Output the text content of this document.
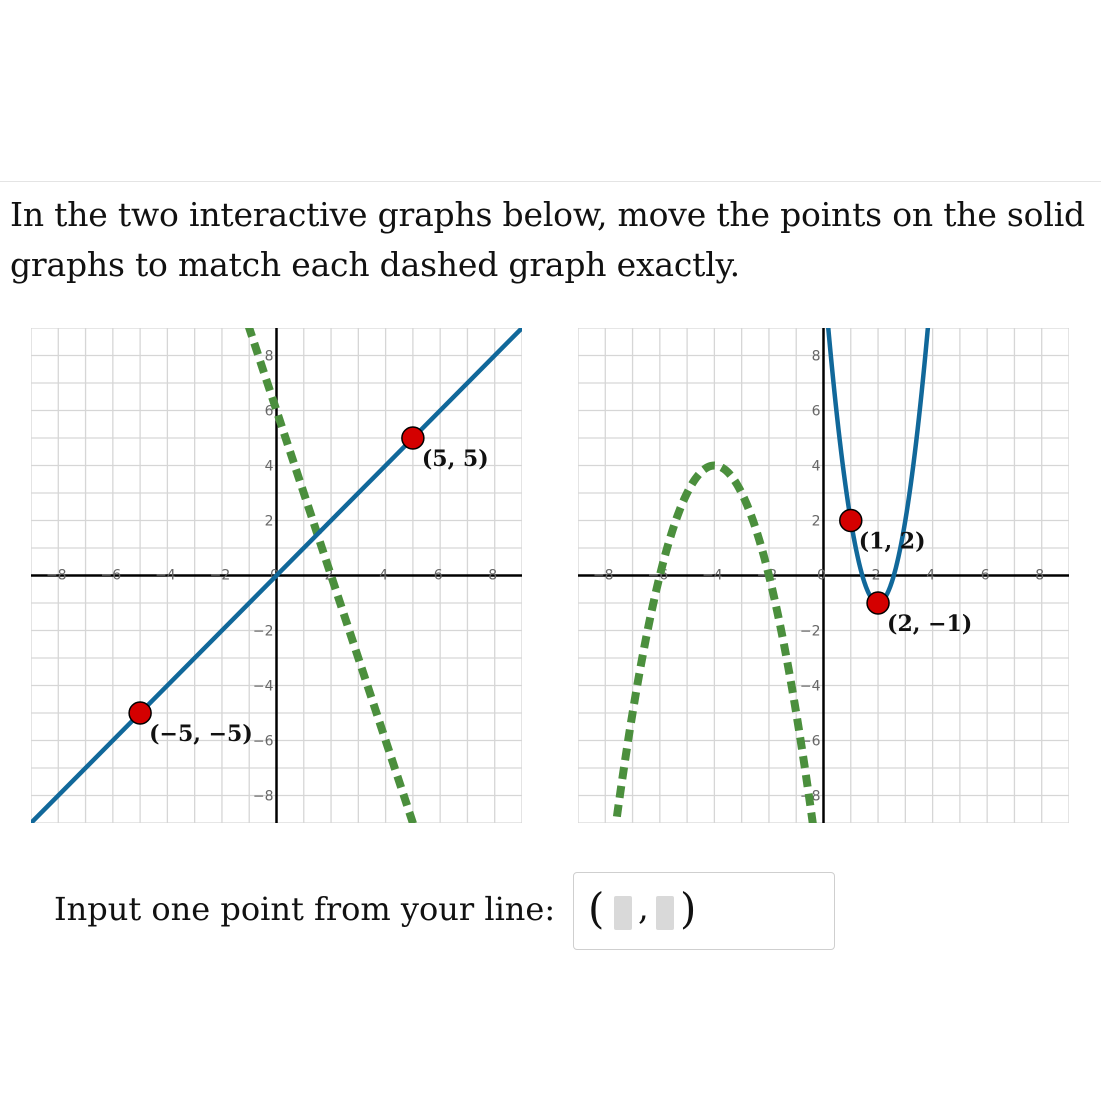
In the two interactive graphs below, move the points on the solid graphs to match each dashed graph exactly.
−8 −6 −4 −2	0	2	4	6	8
8
6
4
2
−2
−4
−6
−8
(5, 5)
(−5, −5)
−8 −6 −4 −2	0	2	4	6	8
8
6
4
2
−2
−4
−6
−8
(1, 2)
(2, −1)
Input one point from your line: ( , )
